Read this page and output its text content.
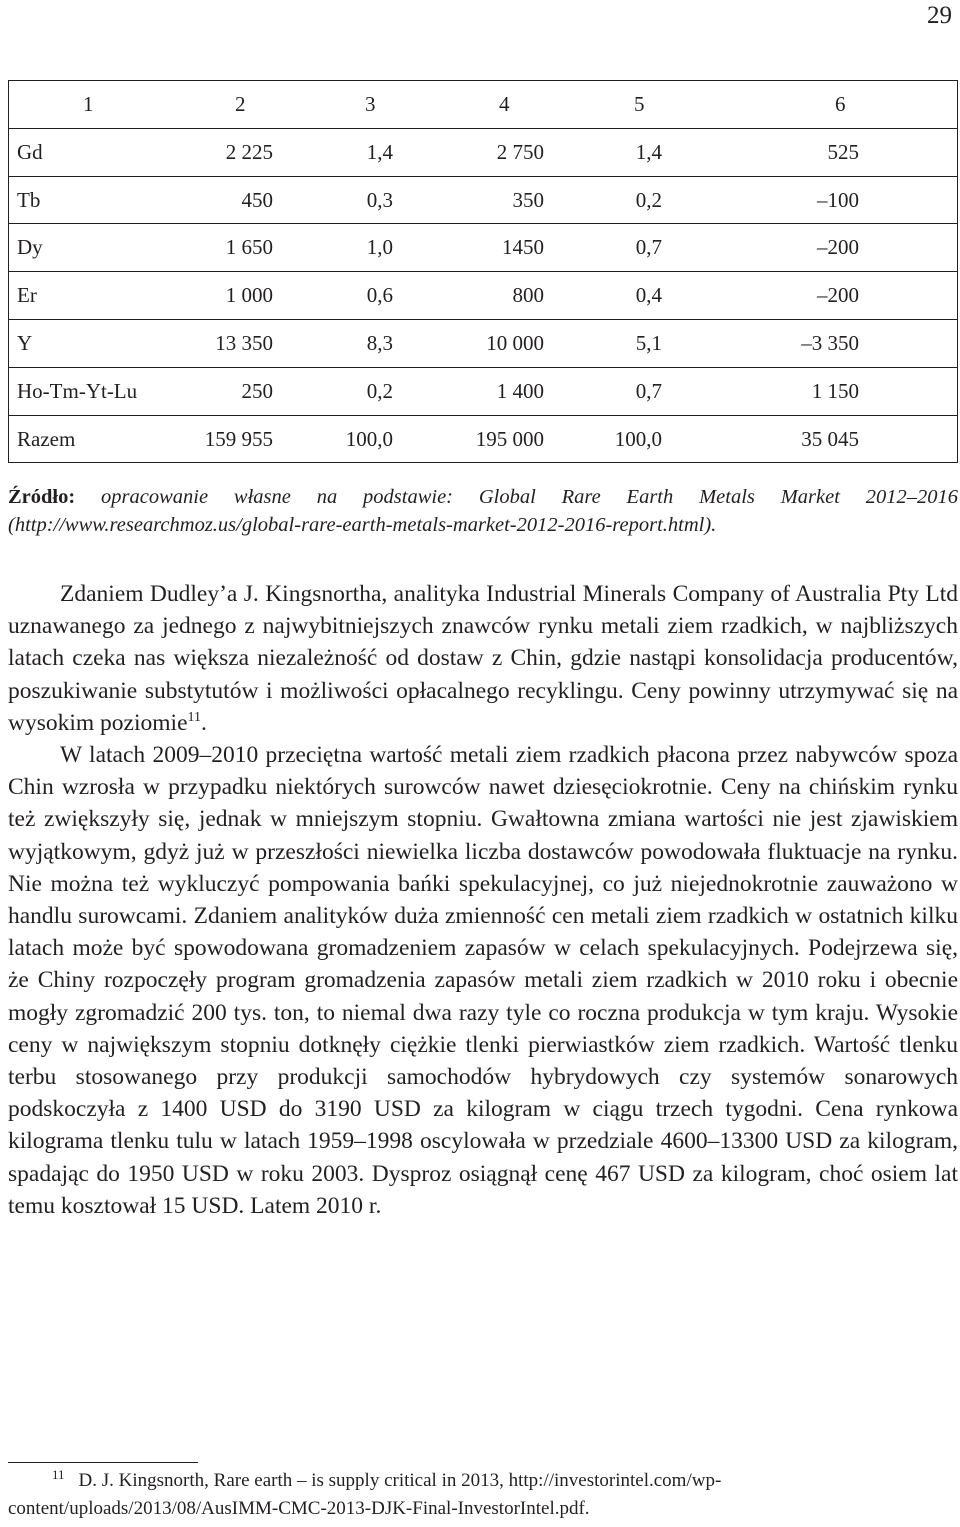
29
1	2	3	4	5	6
Gd	2 225	1,4	2 750	1,4	525
Tb	450	0,3	350	0,2	–100
Dy	1 650	1,0	1450	0,7	–200
Er	1 000	0,6	800	0,4	–200
Y	13 350	8,3	10 000	5,1	–3 350
Ho-Tm-Yt-Lu	250	0,2	1 400	0,7	1 150
Razem	159 955	100,0	195 000	100,0	35 045
Źródło: opracowanie własne na podstawie: Global Rare Earth Metals Market 2012–2016 (http://www.researchmoz.us/global-rare-earth-metals-market-2012-2016-report.html).

Zdaniem Dudley’a J. Kingsnortha, analityka Industrial Minerals Company of Australia Pty Ltd uznawanego za jednego z najwybitniejszych znawców rynku metali ziem rzadkich, w najbliższych latach czeka nas większa niezależność od dostaw z Chin, gdzie nastąpi konsolidacja producentów, poszukiwanie substytutów i możliwości opłacalnego recyklingu. Ceny powinny utrzymywać się na wysokim poziomie$^{11}$.

W latach 2009–2010 przeciętna wartość metali ziem rzadkich płacona przez nabywców spoza Chin wzrosła w przypadku niektórych surowców nawet dziesęciokrotnie. Ceny na chińskim rynku też zwiększyły się, jednak w mniejszym stopniu. Gwałtowna zmiana wartości nie jest zjawiskiem wyjątkowym, gdyż już w przeszłości niewielka liczba dostawców powodowała fluktuacje na rynku. Nie można też wykluczyć pompowania bańki spekulacyjnej, co już niejednokrotnie zauważono w handlu surowcami. Zdaniem analityków duża zmienność cen metali ziem rzadkich w ostatnich kilku latach może być spowodowana gromadzeniem zapasów w celach spekulacyjnych. Podejrzewa się, że Chiny rozpoczęły program gromadzenia zapasów metali ziem rzadkich w 2010 roku i obecnie mogły zgromadzić 200 tys. ton, to niemal dwa razy tyle co roczna produkcja w tym kraju. Wysokie ceny w największym stopniu dotknęły ciężkie tlenki pierwiastków ziem rzadkich. Wartość tlenku terbu stosowanego przy produkcji samochodów hybrydowych czy systemów sonarowych podskoczyła z 1400 USD do 3190 USD za kilogram w ciągu trzech tygodni. Cena rynkowa kilograma tlenku tulu w latach 1959–1998 oscylowała w przedziale 4600–13300 USD za kilogram, spadając do 1950 USD w roku 2003. Dysproz osiągnął cenę 467 USD za kilogram, choć osiem lat temu kosztował 15 USD. Latem 2010 r.

$^{11}$ D. J. Kingsnorth, Rare earth – is supply critical in 2013, http://investorintel.com/wp-content/uploads/2013/08/AusIMM-CMC-2013-DJK-Final-InvestorIntel.pdf.
